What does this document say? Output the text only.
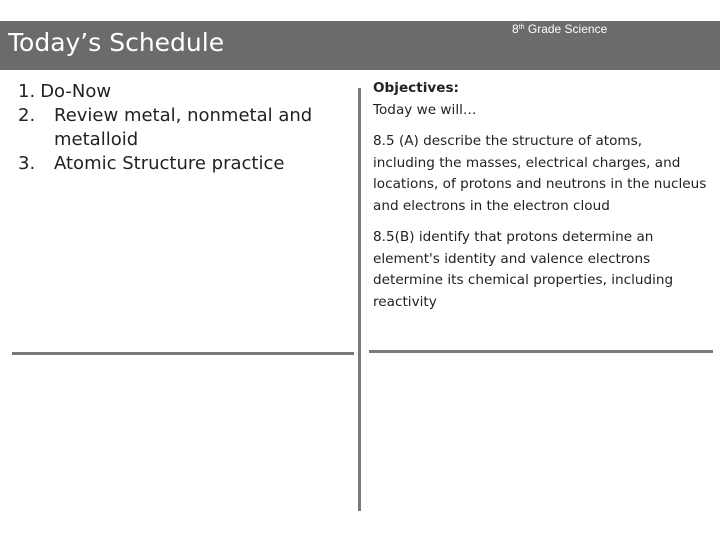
Today’s Schedule	8th Grade Science
1. Do-Now
2.	Review metal, nonmetal and metalloid
3.	Atomic Structure practice
Objectives:
Today we will…
8.5 (A) describe the structure of atoms, including the masses, electrical charges, and locations, of protons and neutrons in the nucleus and electrons in the electron cloud
8.5(B) identify that protons determine an element's identity and valence electrons determine its chemical properties, including reactivity
